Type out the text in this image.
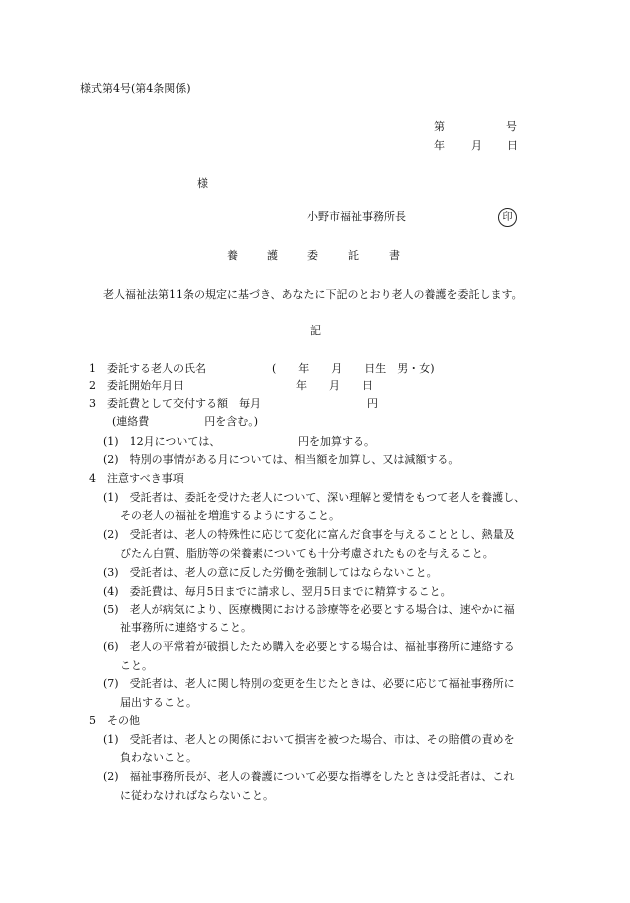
様式第4号(第4条関係)
第	号
年 月 日
様
小野市福祉事務所長	印
養	護	委	託	書
老人福祉法第11条の規定に基づき、あなたに下記のとおり老人の養護を委託します。
記
1　委託する老人の氏名	(　　年　　月　　日生　男・女)
2　委託開始年月日	年　　月　　日
3　委託費として交付する額　毎月	円
(連絡費　　　　　円を含む。)
(1)　12月については、	円を加算する。
(2)　特別の事情がある月については、相当額を加算し、又は減額する。
4　注意すべき事項
(1)　受託者は、委託を受けた老人について、深い理解と愛情をもつて老人を養護し、
その老人の福祉を増進するようにすること。
(2)　受託者は、老人の特殊性に応じて変化に富んだ食事を与えることとし、熱量及
びたん白質、脂肪等の栄養素についても十分考慮されたものを与えること。
(3)　受託者は、老人の意に反した労働を強制してはならないこと。
(4)　委託費は、毎月5日までに請求し、翌月5日までに精算すること。
(5)　老人が病気により、医療機関における診療等を必要とする場合は、速やかに福
祉事務所に連絡すること。
(6)　老人の平常着が破損したため購入を必要とする場合は、福祉事務所に連絡する
こと。
(7)　受託者は、老人に関し特別の変更を生じたときは、必要に応じて福祉事務所に
届出すること。
5　その他
(1)　受託者は、老人との関係において損害を被つた場合、市は、その賠償の責めを
負わないこと。
(2)　福祉事務所長が、老人の養護について必要な指導をしたときは受託者は、これ
に従わなければならないこと。
